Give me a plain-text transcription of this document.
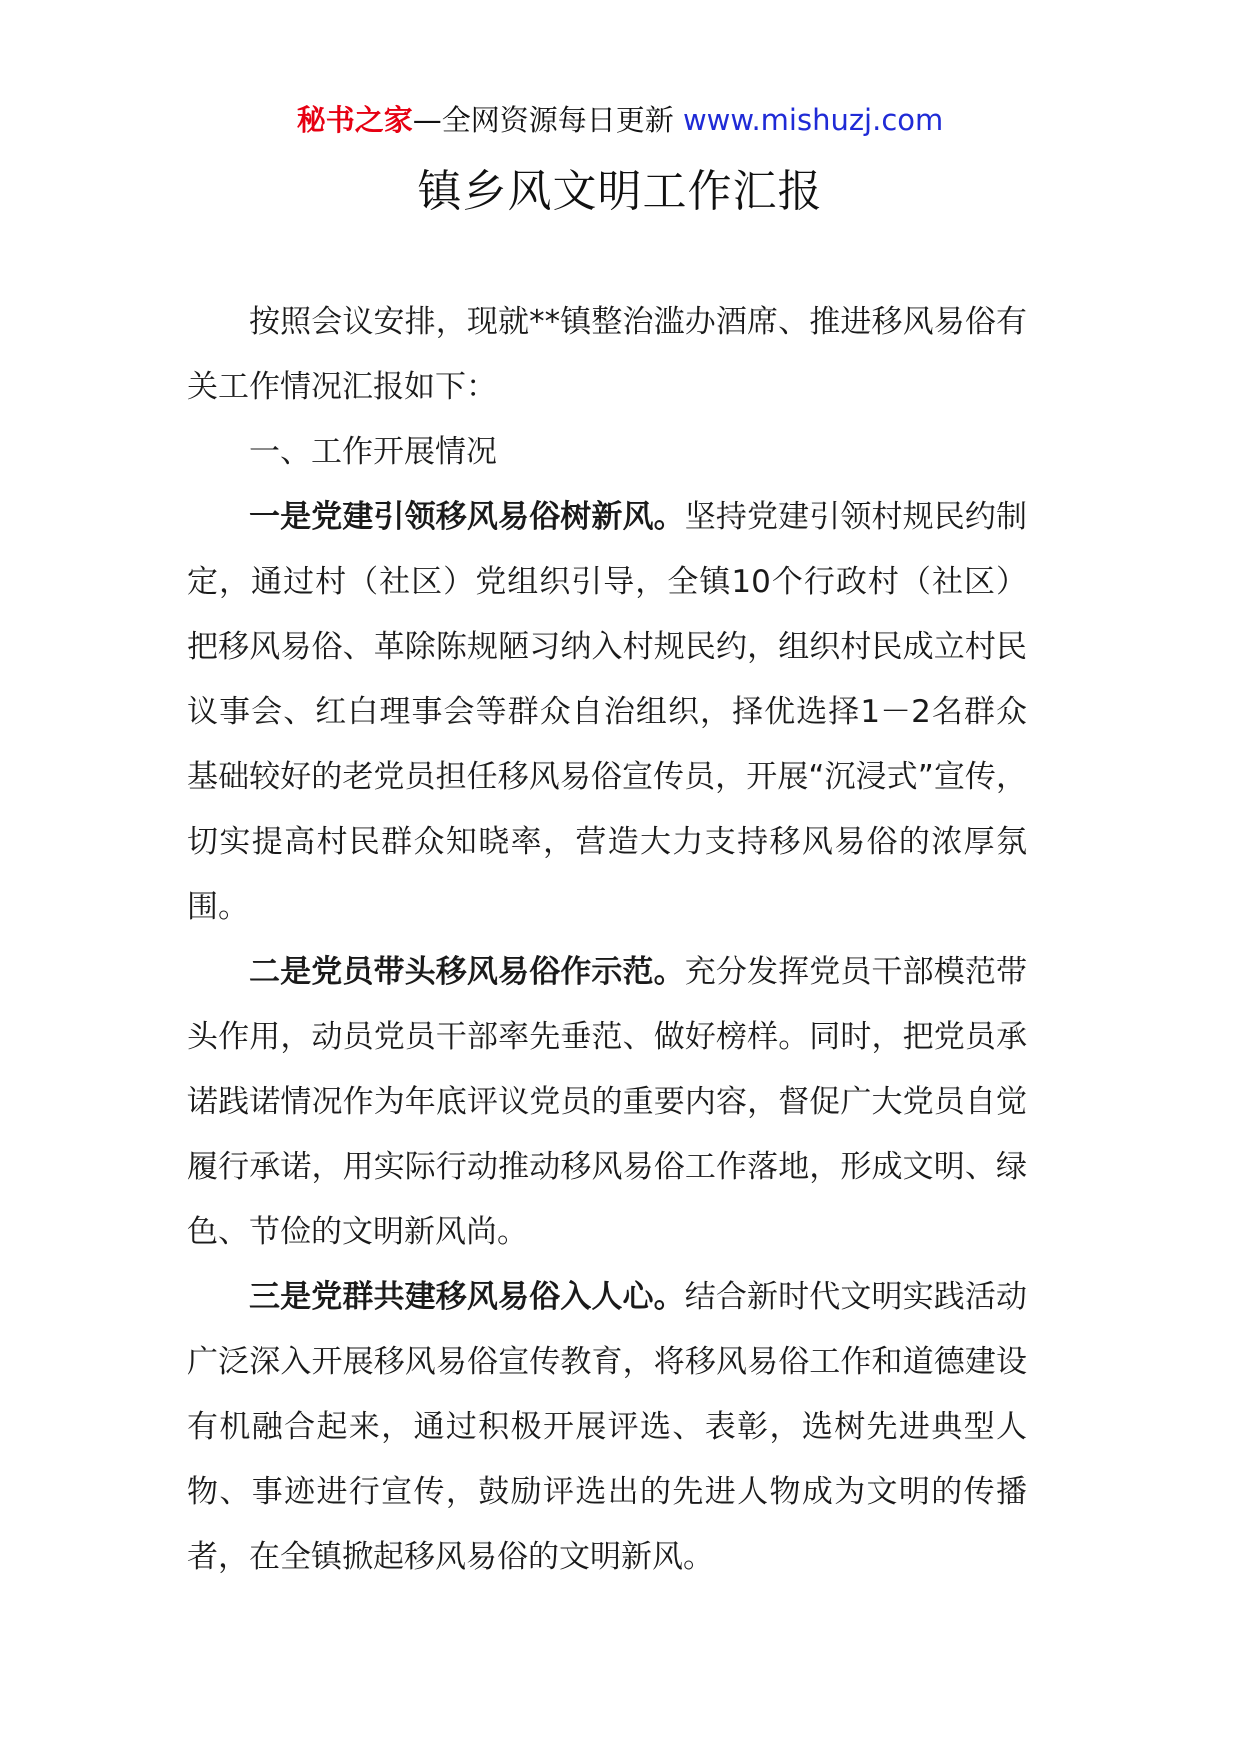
秘书之家—全网资源每日更新 www.mishuzj.com
镇乡风文明工作汇报

按照会议安排，现就**镇整治滥办酒席、推进移风易俗有关工作情况汇报如下：

一、工作开展情况

一是党建引领移风易俗树新风。坚持党建引领村规民约制定，通过村（社区）党组织引导，全镇10个行政村（社区）把移风易俗、革除陈规陋习纳入村规民约，组织村民成立村民议事会、红白理事会等群众自治组织，择优选择1－2名群众基础较好的老党员担任移风易俗宣传员，开展“沉浸式”宣传，切实提高村民群众知晓率，营造大力支持移风易俗的浓厚氛围。

二是党员带头移风易俗作示范。充分发挥党员干部模范带头作用，动员党员干部率先垂范、做好榜样。同时，把党员承诺践诺情况作为年底评议党员的重要内容，督促广大党员自觉履行承诺，用实际行动推动移风易俗工作落地，形成文明、绿色、节俭的文明新风尚。

三是党群共建移风易俗入人心。结合新时代文明实践活动广泛深入开展移风易俗宣传教育，将移风易俗工作和道德建设有机融合起来，通过积极开展评选、表彰，选树先进典型人物、事迹进行宣传，鼓励评选出的先进人物成为文明的传播者，在全镇掀起移风易俗的文明新风。
